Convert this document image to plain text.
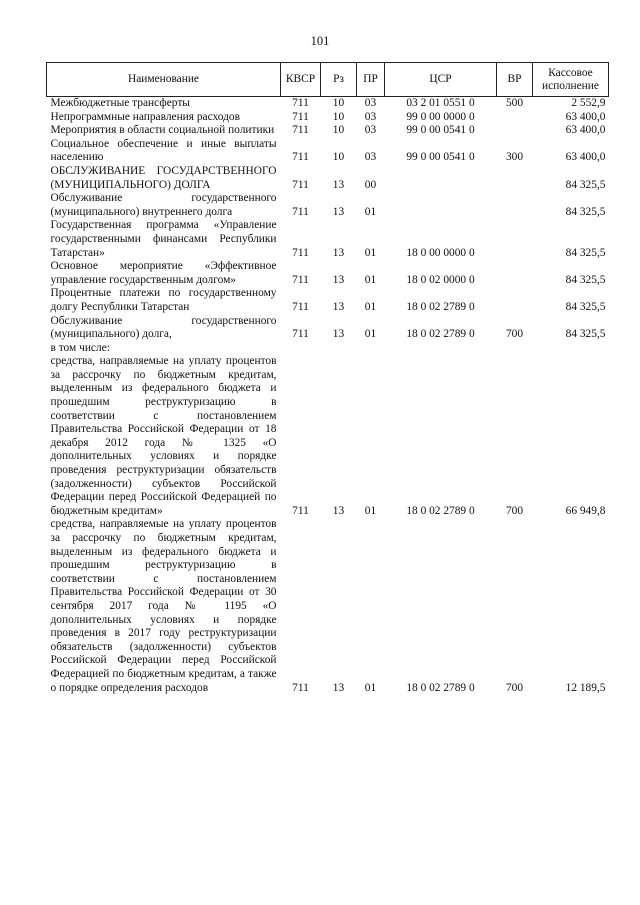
101
Наименование	КВСР	Рз	ПР	ЦСР	ВР	Кассовое исполнение
Межбюджетные трансферты	711	10	03	03 2 01 0551 0	500	2 552,9
Непрограммные направления расходов	711	10	03	99 0 00 0000 0		63 400,0
Мероприятия в области социальной политики	711	10	03	99 0 00 0541 0		63 400,0
Социальное обеспечение и иные выплаты населению	711	10	03	99 0 00 0541 0	300	63 400,0
ОБСЛУЖИВАНИЕ ГОСУДАРСТВЕННОГО (МУНИЦИПАЛЬНОГО) ДОЛГА	711	13	00			84 325,5
Обслуживание государственного (муниципального) внутреннего долга	711	13	01			84 325,5
Государственная программа «Управление государственными финансами Республики Татарстан»	711	13	01	18 0 00 0000 0		84 325,5
Основное мероприятие «Эффективное управление государственным долгом»	711	13	01	18 0 02 0000 0		84 325,5
Процентные платежи по государственному долгу Республики Татарстан	711	13	01	18 0 02 2789 0		84 325,5
Обслуживание государственного (муниципального) долга,	711	13	01	18 0 02 2789 0	700	84 325,5
в том числе:						
средства, направляемые на уплату процентов за рассрочку по бюджетным кредитам, выделенным из федерального бюджета и прошедшим реструктуризацию в соответствии с постановлением Правительства Российской Федерации от 18 декабря 2012 года № 1325 «О дополнительных условиях и порядке проведения реструктуризации обязательств (задолженности) субъектов Российской Федерации перед Российской Федерацией по бюджетным кредитам»	711	13	01	18 0 02 2789 0	700	66 949,8
средства, направляемые на уплату процентов за рассрочку по бюджетным кредитам, выделенным из федерального бюджета и прошедшим реструктуризацию в соответствии с постановлением Правительства Российской Федерации от 30 сентября 2017 года № 1195 «О дополнительных условиях и порядке проведения в 2017 году реструктуризации обязательств (задолженности) субъектов Российской Федерации перед Российской Федерацией по бюджетным кредитам, а также о порядке определения расходов	711	13	01	18 0 02 2789 0	700	12 189,5
